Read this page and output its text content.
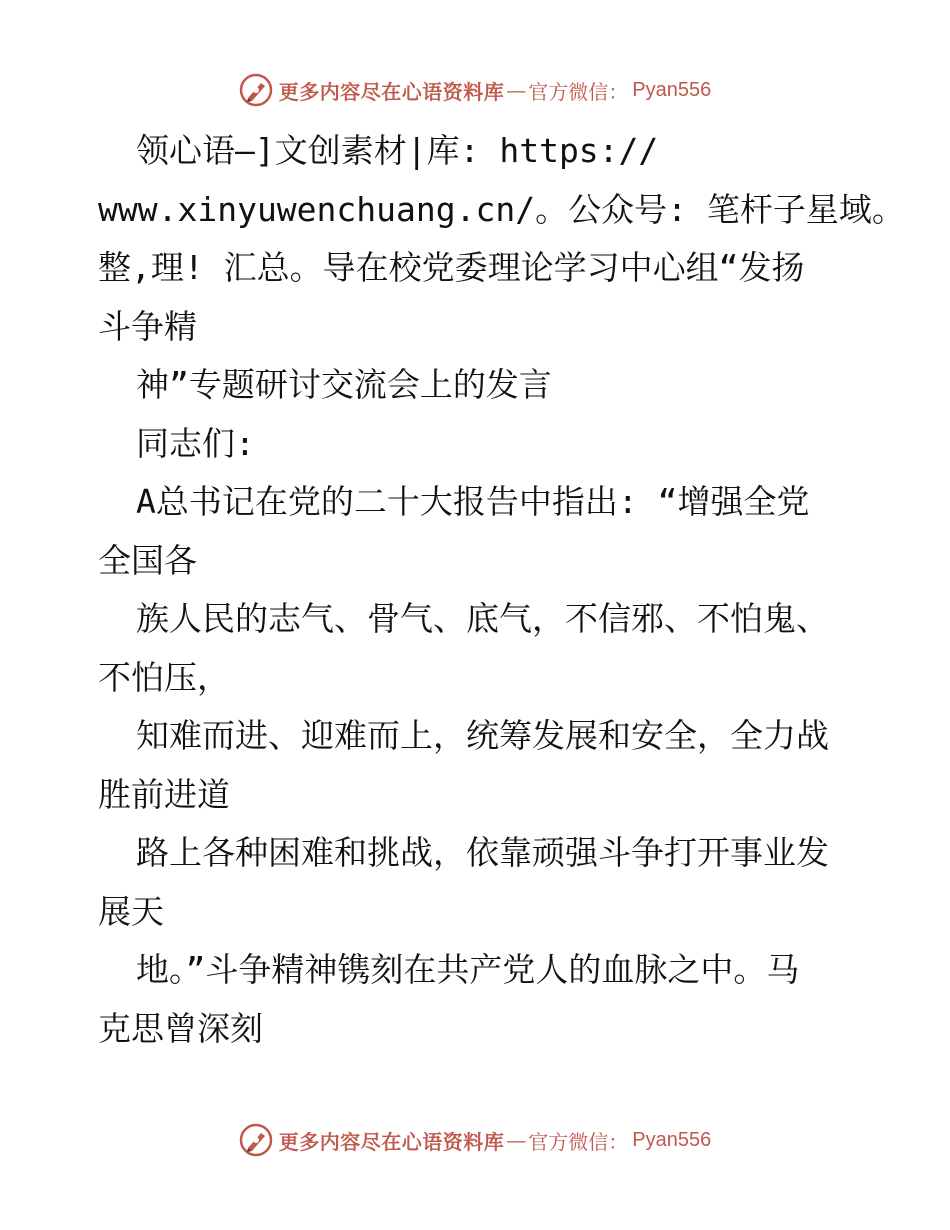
更多内容尽在心语资料库 — 官方微信： Pyan556
领心语—]文创素材|库: https://
www.xinyuwenchuang.cn/。公众号: 笔杆子星域。
整,理! 汇总。导在校党委理论学习中心组“发扬
斗争精
神”专题研讨交流会上的发言
同志们:
A总书记在党的二十大报告中指出: “增强全党
全国各
族人民的志气、骨气、底气，不信邪、不怕鬼、
不怕压，
知难而进、迎难而上，统筹发展和安全，全力战
胜前进道
路上各种困难和挑战，依靠顽强斗争打开事业发
展天
地。”斗争精神镌刻在共产党人的血脉之中。马
克思曾深刻
更多内容尽在心语资料库 — 官方微信： Pyan556
